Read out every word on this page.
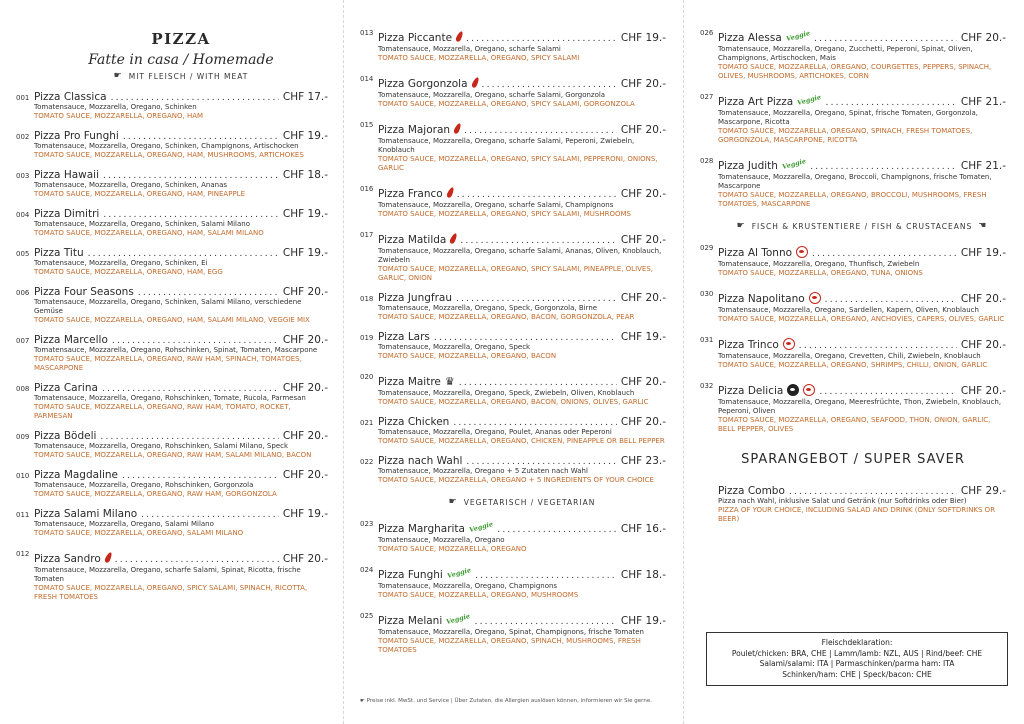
PIZZA
Fatte in casa / Homemade
☛ MIT FLEISCH / WITH MEAT
001 Pizza Classica .....	CHF 17.-
Tomatensauce, Mozzarella, Oregano, Schinken
TOMATO SAUCE, MOZZARELLA, OREGANO, HAM
002 Pizza Pro Funghi .....	CHF 19.-
Tomatensauce, Mozzarella, Oregano, Schinken, Champignons, Artischocken
TOMATO SAUCE, MOZZARELLA, OREGANO, HAM, MUSHROOMS, ARTICHOKES
003 Pizza Hawaii .....	CHF 18.-
Tomatensauce, Mozzarella, Oregano, Schinken, Ananas
TOMATO SAUCE, MOZZARELLA, OREGANO, HAM, PINEAPPLE
004 Pizza Dimitri .....	CHF 19.-
Tomatensauce, Mozzarella, Oregano, Schinken, Salami Milano
TOMATO SAUCE, MOZZARELLA, OREGANO, HAM, SALAMI MILANO
005 Pizza Titu .....	CHF 19.-
Tomatensauce, Mozzarella, Oregano, Schinken, Ei
TOMATO SAUCE, MOZZARELLA, OREGANO, HAM, EGG
006 Pizza Four Seasons .....	CHF 20.-
Tomatensauce, Mozzarella, Oregano, Schinken, Salami Milano, verschiedene Gemüse
TOMATO SAUCE, MOZZARELLA, OREGANO, HAM, SALAMI MILANO, VEGGIE MIX
007 Pizza Marcello .....	CHF 20.-
Tomatensauce, Mozzarella, Oregano, Rohschinken, Spinat, Tomaten, Mascarpone
TOMATO SAUCE, MOZZARELLA, OREGANO, RAW HAM, SPINACH, TOMATOES, MASCARPONE
008 Pizza Carina .....	CHF 20.-
Tomatensauce, Mozzarella, Oregano, Rohschinken, Tomate, Rucola, Parmesan
TOMATO SAUCE, MOZZARELLA, OREGANO, RAW HAM, TOMATO, ROCKET, PARMESAN
009 Pizza Bödeli .....	CHF 20.-
Tomatensauce, Mozzarella, Oregano, Rohschinken, Salami Milano, Speck
TOMATO SAUCE, MOZZARELLA, OREGANO, RAW HAM, SALAMI MILANO, BACON
010 Pizza Magdaline .....	CHF 20.-
Tomatensauce, Mozzarella, Oregano, Rohschinken, Gorgonzola
TOMATO SAUCE, MOZZARELLA, OREGANO, RAW HAM, GORGONZOLA
011 Pizza Salami Milano .....	CHF 19.-
Tomatensauce, Mozzarella, Oregano, Salami Milano
TOMATO SAUCE, MOZZARELLA, OREGANO, SALAMI MILANO
012 Pizza Sandro .....	CHF 20.-
Tomatensauce, Mozzarella, Oregano, scharfe Salami, Spinat, Ricotta, frische Tomaten
TOMATO SAUCE, MOZZARELLA, OREGANO, SPICY SALAMI, SPINACH, RICOTTA, FRESH TOMATOES
013 Pizza Piccante .....	CHF 19.-
Tomatensauce, Mozzarella, Oregano, scharfe Salami
TOMATO SAUCE, MOZZARELLA, OREGANO, SPICY SALAMI
014 Pizza Gorgonzola .....	CHF 20.-
Tomatensauce, Mozzarella, Oregano, scharfe Salami, Gorgonzola
TOMATO SAUCE, MOZZARELLA, OREGANO, SPICY SALAMI, GORGONZOLA
015 Pizza Majoran .....	CHF 20.-
Tomatensauce, Mozzarella, Oregano, scharfe Salami, Peperoni, Zwiebeln, Knoblauch
TOMATO SAUCE, MOZZARELLA, OREGANO, SPICY SALAMI, PEPPERONI, ONIONS, GARLIC
016 Pizza Franco .....	CHF 20.-
Tomatensauce, Mozzarella, Oregano, scharfe Salami, Champignons
TOMATO SAUCE, MOZZARELLA, OREGANO, SPICY SALAMI, MUSHROOMS
017 Pizza Matilda .....	CHF 20.-
Tomatensauce, Mozzarella, Oregano, scharfe Salami, Ananas, Oliven, Knoblauch, Zwiebeln
TOMATO SAUCE, MOZZARELLA, OREGANO, SPICY SALAMI, PINEAPPLE, OLIVES, GARLIC, ONION
018 Pizza Jungfrau .....	CHF 20.-
Tomatensauce, Mozzarella, Oregano, Speck, Gorgonzola, Birne
TOMATO SAUCE, MOZZARELLA, OREGANO, BACON, GORGONZOLA, PEAR
019 Pizza Lars .....	CHF 19.-
Tomatensauce, Mozzarella, Oregano, Speck
TOMATO SAUCE, MOZZARELLA, OREGANO, BACON
020 Pizza Maitre ♛ .....	CHF 20.-
Tomatensauce, Mozzarella, Oregano, Speck, Zwiebeln, Oliven, Knoblauch
TOMATO SAUCE, MOZZARELLA, OREGANO, BACON, ONIONS, OLIVES, GARLIC
021 Pizza Chicken .....	CHF 20.-
Tomatensauce, Mozzarella, Oregano, Poulet, Ananas oder Peperoni
TOMATO SAUCE, MOZZARELLA, OREGANO, CHICKEN, PINEAPPLE OR BELL PEPPER
022 Pizza nach Wahl .....	CHF 23.-
Tomatensauce, Mozzarella, Oregano + 5 Zutaten nach Wahl
TOMATO SAUCE, MOZZARELLA, OREGANO + 5 INGREDIENTS OF YOUR CHOICE
☛ VEGETARISCH / VEGETARIAN
023 Pizza Margharita Veggie .....	CHF 16.-
Tomatensauce, Mozzarella, Oregano
TOMATO SAUCE, MOZZARELLA, OREGANO
024 Pizza Funghi Veggie .....	CHF 18.-
Tomatensauce, Mozzarella, Oregano, Champignons
TOMATO SAUCE, MOZZARELLA, OREGANO, MUSHROOMS
025 Pizza Melani Veggie .....	CHF 19.-
Tomatensauce, Mozzarella, Oregano, Spinat, Champignons, frische Tomaten
TOMATO SAUCE, MOZZARELLA, OREGANO, SPINACH, MUSHROOMS, FRESH TOMATOES
026 Pizza Alessa Veggie .....	CHF 20.-
Tomatensauce, Mozzarella, Oregano, Zucchetti, Peperoni, Spinat, Oliven, Champignons, Artischocken, Mais
TOMATO SAUCE, MOZZARELLA, OREGANO, COURGETTES, PEPPERS, SPINACH, OLIVES, MUSHROOMS, ARTICHOKES, CORN
027 Pizza Art Pizza Veggie .....	CHF 21.-
Tomatensauce, Mozzarella, Oregano, Spinat, frische Tomaten, Gorgonzola, Mascarpone, Ricotta
TOMATO SAUCE, MOZZARELLA, OREGANO, SPINACH, FRESH TOMATOES, GORGONZOLA, MASCARPONE, RICOTTA
028 Pizza Judith Veggie .....	CHF 21.-
Tomatensauce, Mozzarella, Oregano, Broccoli, Champignons, frische Tomaten, Mascarpone
TOMATO SAUCE, MOZZARELLA, OREGANO, BROCCOLI, MUSHROOMS, FRESH TOMATOES, MASCARPONE
☛ FISCH & KRUSTENTIERE / FISH & CRUSTACEANS ☚
029 Pizza Al Tonno .....	CHF 19.-
Tomatensauce, Mozzarella, Oregano, Thunfisch, Zwiebeln
TOMATO SAUCE, MOZZARELLA, OREGANO, TUNA, ONIONS
030 Pizza Napolitano .....	CHF 20.-
Tomatensauce, Mozzarella, Oregano, Sardellen, Kapern, Oliven, Knoblauch
TOMATO SAUCE, MOZZARELLA, OREGANO, ANCHOVIES, CAPERS, OLIVES, GARLIC
031 Pizza Trinco .....	CHF 20.-
Tomatensauce, Mozzarella, Oregano, Crevetten, Chili, Zwiebeln, Knoblauch
TOMATO SAUCE, MOZZARELLA, OREGANO, SHRIMPS, CHILLI, ONION, GARLIC
032 Pizza Delicia .....	CHF 20.-
Tomatensauce, Mozzarella, Oregano, Meeresfrüchte, Thon, Zwiebeln, Knoblauch, Peperoni, Oliven
TOMATO SAUCE, MOZZARELLA, OREGANO, SEAFOOD, THON, ONION, GARLIC, BELL PEPPER, OLIVES
SPARANGEBOT / SUPER SAVER
Pizza Combo .....	CHF 29.-
Pizza nach Wahl, inklusive Salat und Getränk (nur Softdrinks oder Bier)
PIZZA OF YOUR CHOICE, INCLUDING SALAD AND DRINK (ONLY SOFTDRINKS OR BEER)
Fleischdeklaration:
Poulet/chicken: BRA, CHE | Lamm/lamb: NZL, AUS | Rind/beef: CHE
Salami/salami: ITA | Parmaschinken/parma ham: ITA
Schinken/ham: CHE | Speck/bacon: CHE
☛ Preise inkl. MwSt. und Service | Über Zutaten, die Allergien auslösen können, informieren wir Sie gerne.
